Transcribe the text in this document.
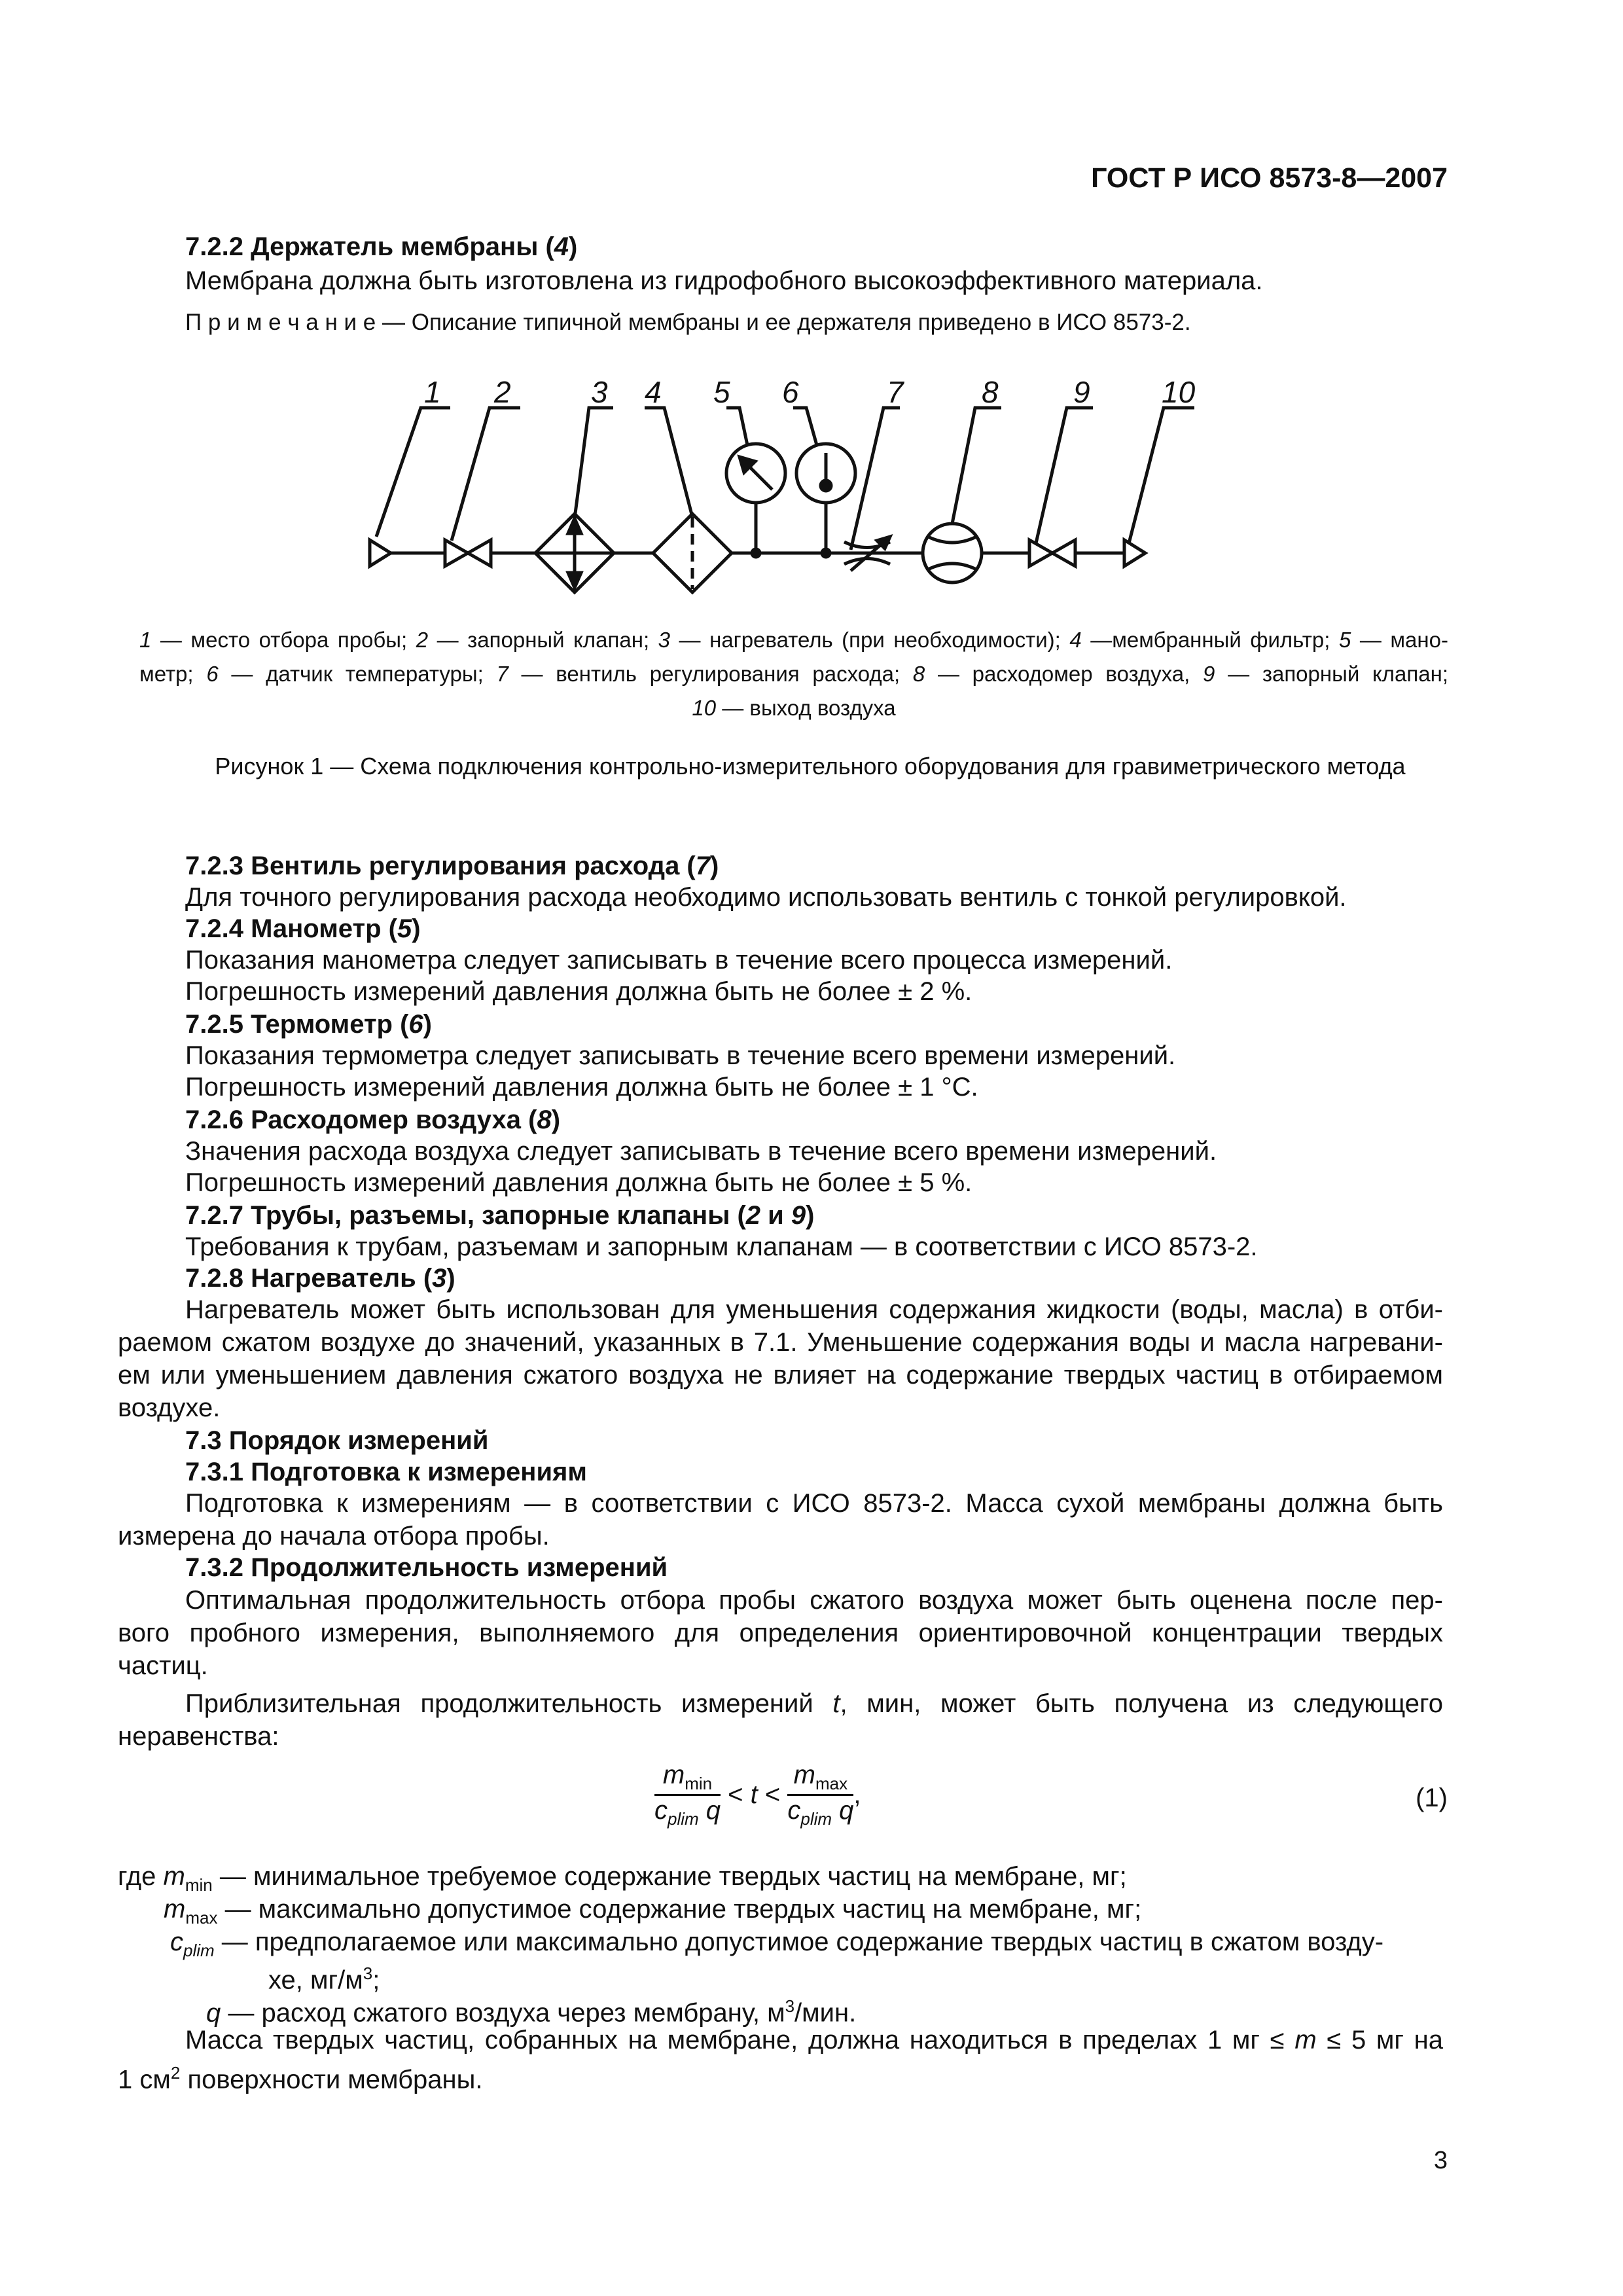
ГОСТ Р ИСО 8573-8—2007
7.2.2 Держатель мембраны (4)
Мембрана должна быть изготовлена из гидрофобного высокоэффективного материала.
П р и м е ч а н и е — Описание типичной мембраны и ее держателя приведено в ИСО 8573-2.
1 2	3 4 5 6	7	8 9 10
1 — место отбора пробы; 2 — запорный клапан; 3 — нагреватель (при необходимости); 4 —мембранный фильтр; 5 — мано-
метр; 6 — датчик температуры; 7 — вентиль регулирования расхода; 8 — расходомер воздуха, 9 — запорный клапан;
10 — выход воздуха
Рисунок 1 — Схема подключения контрольно-измерительного оборудования для гравиметрического метода
7.2.3 Вентиль регулирования расхода (7)
Для точного регулирования расхода необходимо использовать вентиль с тонкой регулировкой.
7.2.4 Манометр (5)
Показания манометра следует записывать в течение всего процесса измерений.
Погрешность измерений давления должна быть не более ± 2 %.
7.2.5 Термометр (6)
Показания термометра следует записывать в течение всего времени измерений.
Погрешность измерений давления должна быть не более ± 1 °С.
7.2.6 Расходомер воздуха (8)
Значения расхода воздуха следует записывать в течение всего времени измерений.
Погрешность измерений давления должна быть не более ± 5 %.
7.2.7 Трубы, разъемы, запорные клапаны (2 и 9)
Требования к трубам, разъемам и запорным клапанам — в соответствии с ИСО 8573-2.
7.2.8 Нагреватель (3)
Нагреватель может быть использован для уменьшения содержания жидкости (воды, масла) в отби-
раемом сжатом воздухе до значений, указанных в 7.1. Уменьшение содержания воды и масла нагревани-
ем или уменьшением давления сжатого воздуха не влияет на содержание твердых частиц в отбираемом
воздухе.
7.3 Порядок измерений
7.3.1 Подготовка к измерениям
Подготовка к измерениям — в соответствии с ИСО 8573-2. Масса сухой мембраны должна быть
измерена до начала отбора пробы.
7.3.2 Продолжительность измерений
Оптимальная продолжительность отбора пробы сжатого воздуха может быть оценена после пер-
вого пробного измерения, выполняемого для определения ориентировочной концентрации твердых
частиц.
Приблизительная продолжительность измерений t, мин, может быть получена из следующего
неравенства:
$\frac{m_{min}}{c_{plim} q} < t < \frac{m_{max}}{c_{plim} q}$ ,	(1)
где $m_{min}$ — минимальное требуемое содержание твердых частиц на мембране, мг;
$m_{max}$ — максимально допустимое содержание твердых частиц на мембране, мг;
$c_{plim}$ — предполагаемое или максимально допустимое содержание твердых частиц в сжатом возду-
хе, $мг/м^3$;
q — расход сжатого воздуха через мембрану, $м^3$/мин.
Масса твердых частиц, собранных на мембране, должна находиться в пределах 1 мг ≤ m ≤ 5 мг на
1 $см^2$ поверхности мембраны.
3
